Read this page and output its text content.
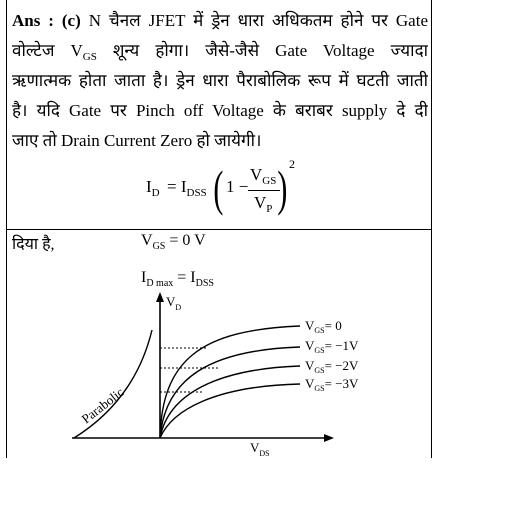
Ans : (c) N चैनल JFET में ड्रेन धारा अधिकतम होने पर Gate
वोल्टेज $V_{GS}$ शून्य होगा। जैसे-जैसे Gate Voltage ज्यादा
ऋणात्मक होता जाता है। ड्रेन धारा पैराबोलिक रूप में घटती जाती
है। यदि Gate पर Pinch off Voltage के बराबर supply दे दी
जाए तो Drain Current Zero हो जायेगी।
$I_D = I_{DSS}$ ( 1 −
$V_{GS}$
$V_P$ ) 2
दिया है,	$V_{GS} = 0$ V
$I_{D max} = I_{DSS}$
$V_D$
$V_{DS}$
Parabolic
$V_{GS}= 0$
$V_{GS}= -1V$
$V_{GS}= -2V$
$V_{GS}= -3V$
